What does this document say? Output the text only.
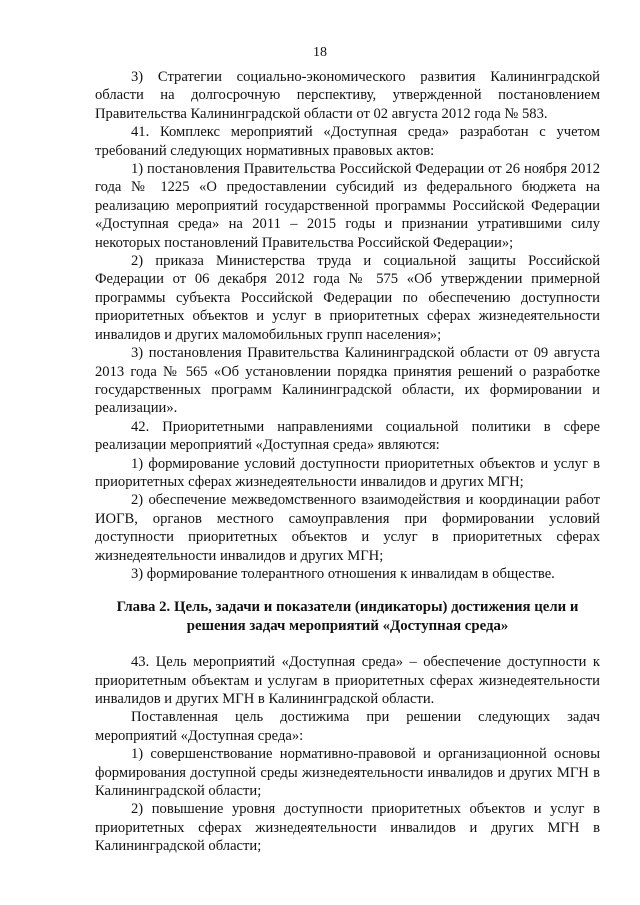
18

3) Стратегии социально-экономического развития Калининградской области на долгосрочную перспективу, утвержденной постановлением Правительства Калининградской области от 02 августа 2012 года № 583.

41. Комплекс мероприятий «Доступная среда» разработан с учетом требований следующих нормативных правовых актов:

1) постановления Правительства Российской Федерации от 26 ноября 2012 года № 1225 «О предоставлении субсидий из федерального бюджета на реализацию мероприятий государственной программы Российской Федерации «Доступная среда» на 2011 – 2015 годы и признании утратившими силу некоторых постановлений Правительства Российской Федерации»;

2) приказа Министерства труда и социальной защиты Российской Федерации от 06 декабря 2012 года № 575 «Об утверждении примерной программы субъекта Российской Федерации по обеспечению доступности приоритетных объектов и услуг в приоритетных сферах жизнедеятельности инвалидов и других маломобильных групп населения»;

3) постановления Правительства Калининградской области от 09 августа 2013 года № 565 «Об установлении порядка принятия решений о разработке государственных программ Калининградской области, их формировании и реализации».

42. Приоритетными направлениями социальной политики в сфере реализации мероприятий «Доступная среда» являются:

1) формирование условий доступности приоритетных объектов и услуг в приоритетных сферах жизнедеятельности инвалидов и других МГН;

2) обеспечение межведомственного взаимодействия и координации работ ИОГВ, органов местного самоуправления при формировании условий доступности приоритетных объектов и услуг в приоритетных сферах жизнедеятельности инвалидов и других МГН;

3) формирование толерантного отношения к инвалидам в обществе.

Глава 2. Цель, задачи и показатели (индикаторы) достижения цели и
решения задач мероприятий «Доступная среда»

43. Цель мероприятий «Доступная среда» – обеспечение доступности к приоритетным объектам и услугам в приоритетных сферах жизнедеятельности инвалидов и других МГН в Калининградской области.

Поставленная цель достижима при решении следующих задач мероприятий «Доступная среда»:

1) совершенствование нормативно-правовой и организационной основы формирования доступной среды жизнедеятельности инвалидов и других МГН в Калининградской области;

2) повышение уровня доступности приоритетных объектов и услуг в приоритетных сферах жизнедеятельности инвалидов и других МГН в Калининградской области;
